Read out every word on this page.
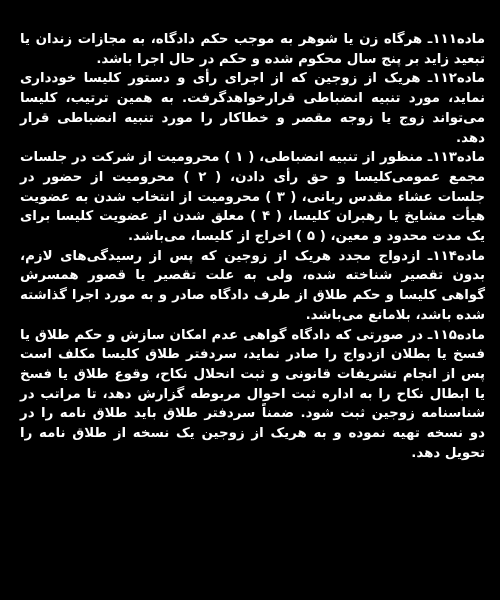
ماده۱۱۱ـ هرگاه زن یا شوهر به موجب حکم دادگاه، به مجازات زندان یا تبعید زاید بر پنج سال محکوم شده و حکم در حال اجرا باشد.

ماده۱۱۲ـ هریک از زوجین که از اجرای رأی و دستور کلیسا خودداری نماید، مورد تنبیه انضباطی قرارخواهدگرفت. به همین ترتیب، کلیسا می‌تواند زوج یا زوجه مقصر و خطاکار را مورد تنبیه انضباطی قرار دهد.

ماده۱۱۳ـ منظور از تنبیه انضباطی، ( ۱ ) محرومیت از شرکت در جلسات مجمع عمومی‌کلیسا و حق رأی دادن، ( ۲ ) محرومیت از حضور در جلسات عشاء مقدس ربانی، ( ۳ ) محرومیت از انتخاب شدن به عضویت هیأت مشایخ یا رهبران کلیسا، ( ۴ ) معلق شدن از عضویت کلیسا برای یک مدت محدود و معین، ( ۵ ) اخراج از کلیسا، می‌باشد.

ماده۱۱۴ـ ازدواج مجدد هریک از زوجین که پس از رسیدگی‌های لازم، بدون تقصیر شناخته شده، ولی به علت تقصیر یا قصور همسرش گواهی کلیسا و حکم طلاق از طرف دادگاه صادر و به مورد اجرا گذاشته شده باشد، بلامانع می‌باشد.

ماده۱۱۵ـ در صورتی که دادگاه گواهی عدم امکان سازش و حکم طلاق یا فسخ یا بطلان ازدواج را صادر نماید، سردفتر طلاق کلیسا مکلف است پس از انجام تشریفات قانونی و ثبت انحلال نکاح، وقوع طلاق یا فسخ یا ابطال نکاح را به اداره ثبت احوال مربوطه گزارش دهد، تا مراتب در شناسنامه زوجین ثبت شود. ضمناً سردفتر طلاق باید طلاق نامه را در دو نسخه تهیه نموده و به هریک از زوجین یک نسخه از طلاق نامه را تحویل دهد.
